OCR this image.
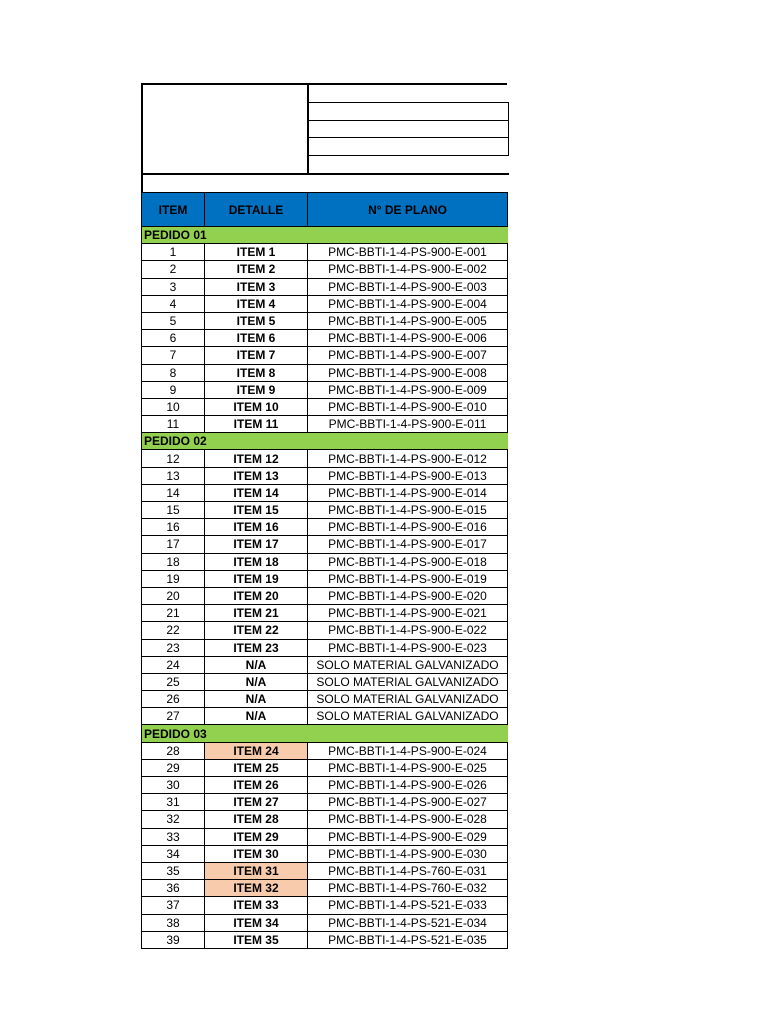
ITEM	DETALLE	N° DE PLANO
PEDIDO 01		
1	ITEM 1	PMC-BBTI-1-4-PS-900-E-001
2	ITEM 2	PMC-BBTI-1-4-PS-900-E-002
3	ITEM 3	PMC-BBTI-1-4-PS-900-E-003
4	ITEM 4	PMC-BBTI-1-4-PS-900-E-004
5	ITEM 5	PMC-BBTI-1-4-PS-900-E-005
6	ITEM 6	PMC-BBTI-1-4-PS-900-E-006
7	ITEM 7	PMC-BBTI-1-4-PS-900-E-007
8	ITEM 8	PMC-BBTI-1-4-PS-900-E-008
9	ITEM 9	PMC-BBTI-1-4-PS-900-E-009
10	ITEM 10	PMC-BBTI-1-4-PS-900-E-010
11	ITEM 11	PMC-BBTI-1-4-PS-900-E-011
PEDIDO 02		
12	ITEM 12	PMC-BBTI-1-4-PS-900-E-012
13	ITEM 13	PMC-BBTI-1-4-PS-900-E-013
14	ITEM 14	PMC-BBTI-1-4-PS-900-E-014
15	ITEM 15	PMC-BBTI-1-4-PS-900-E-015
16	ITEM 16	PMC-BBTI-1-4-PS-900-E-016
17	ITEM 17	PMC-BBTI-1-4-PS-900-E-017
18	ITEM 18	PMC-BBTI-1-4-PS-900-E-018
19	ITEM 19	PMC-BBTI-1-4-PS-900-E-019
20	ITEM 20	PMC-BBTI-1-4-PS-900-E-020
21	ITEM 21	PMC-BBTI-1-4-PS-900-E-021
22	ITEM 22	PMC-BBTI-1-4-PS-900-E-022
23	ITEM 23	PMC-BBTI-1-4-PS-900-E-023
24	N/A	SOLO MATERIAL GALVANIZADO
25	N/A	SOLO MATERIAL GALVANIZADO
26	N/A	SOLO MATERIAL GALVANIZADO
27	N/A	SOLO MATERIAL GALVANIZADO
PEDIDO 03		
28	ITEM 24	PMC-BBTI-1-4-PS-900-E-024
29	ITEM 25	PMC-BBTI-1-4-PS-900-E-025
30	ITEM 26	PMC-BBTI-1-4-PS-900-E-026
31	ITEM 27	PMC-BBTI-1-4-PS-900-E-027
32	ITEM 28	PMC-BBTI-1-4-PS-900-E-028
33	ITEM 29	PMC-BBTI-1-4-PS-900-E-029
34	ITEM 30	PMC-BBTI-1-4-PS-900-E-030
35	ITEM 31	PMC-BBTI-1-4-PS-760-E-031
36	ITEM 32	PMC-BBTI-1-4-PS-760-E-032
37	ITEM 33	PMC-BBTI-1-4-PS-521-E-033
38	ITEM 34	PMC-BBTI-1-4-PS-521-E-034
39	ITEM 35	PMC-BBTI-1-4-PS-521-E-035
